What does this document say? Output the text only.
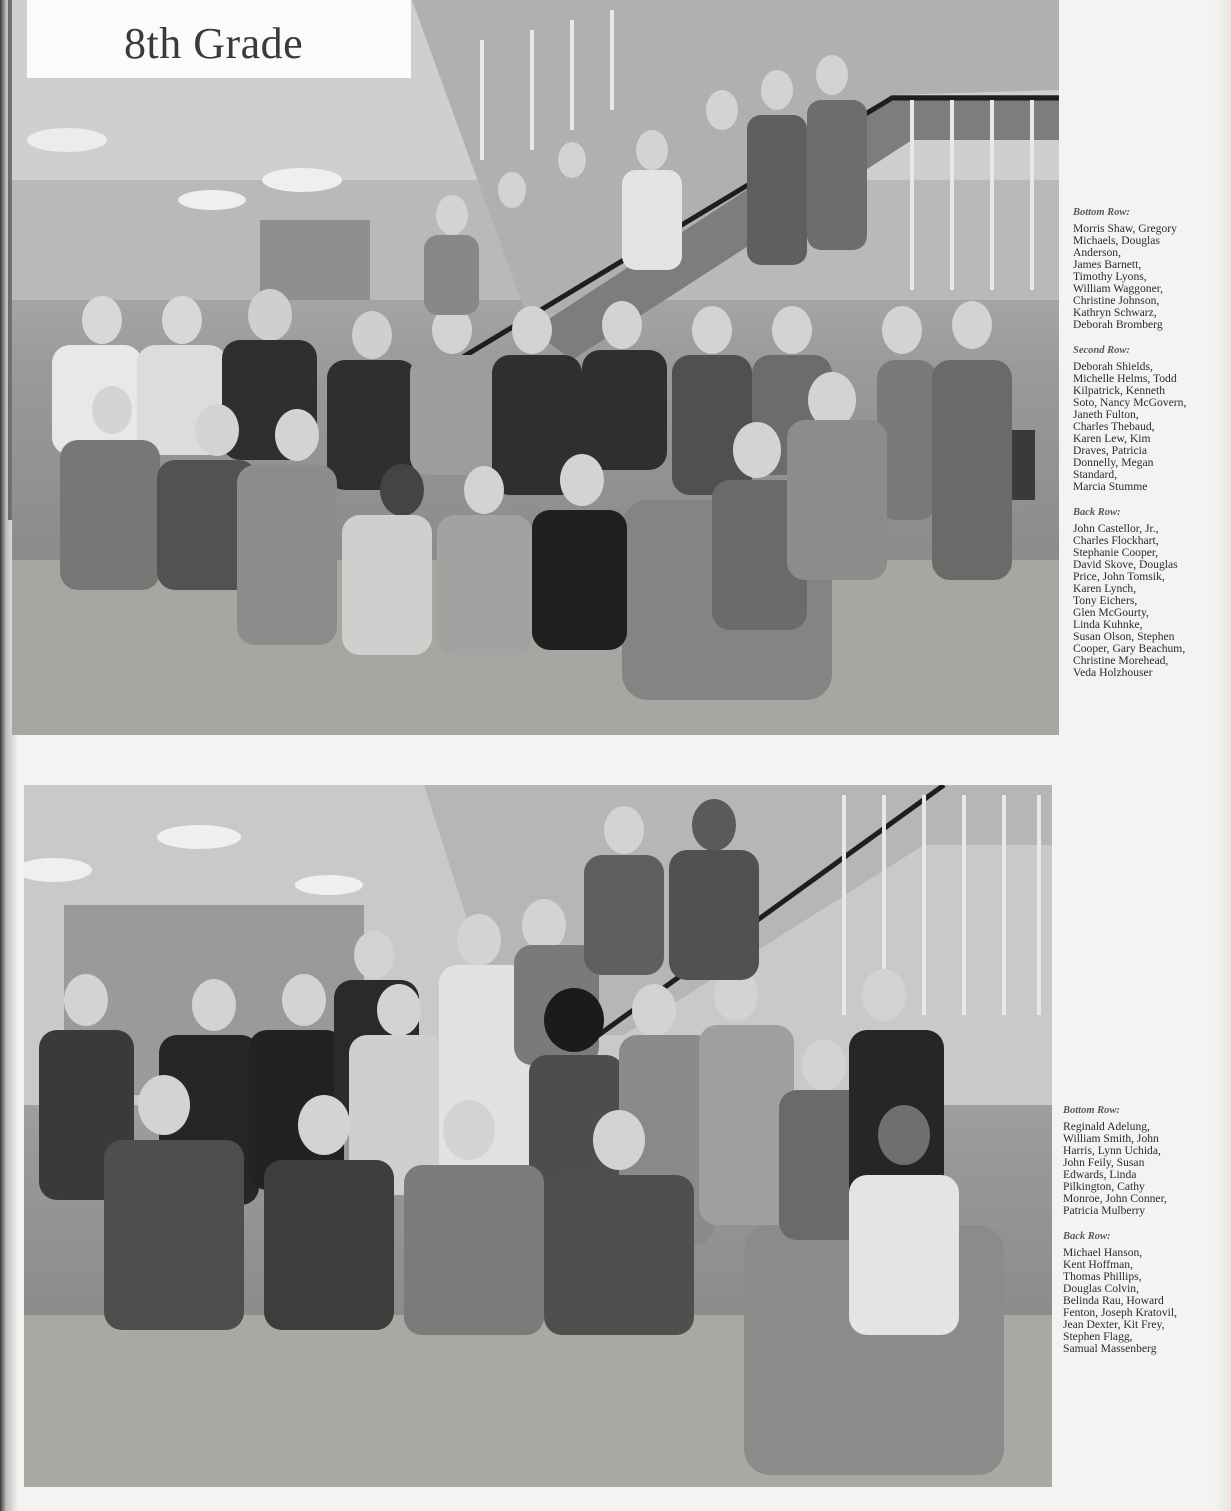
8th Grade
Bottom Row:
Morris Shaw, Gregory
Michaels, Douglas
Anderson,
James Barnett,
Timothy Lyons,
William Waggoner,
Christine Johnson,
Kathryn Schwarz,
Deborah Bromberg
Second Row:
Deborah Shields,
Michelle Helms, Todd
Kilpatrick, Kenneth
Soto, Nancy McGovern,
Janeth Fulton,
Charles Thebaud,
Karen Lew, Kim
Draves, Patricia
Donnelly, Megan
Standard,
Marcia Stumme
Back Row:
John Castellor, Jr.,
Charles Flockhart,
Stephanie Cooper,
David Skove, Douglas
Price, John Tomsik,
Karen Lynch,
Tony Eichers,
Glen McGourty,
Linda Kuhnke,
Susan Olson, Stephen
Cooper, Gary Beachum,
Christine Morehead,
Veda Holzhouser
Bottom Row:
Reginald Adelung,
William Smith, John
Harris, Lynn Uchida,
John Feily, Susan
Edwards, Linda
Pilkington, Cathy
Monroe, John Conner,
Patricia Mulberry
Back Row:
Michael Hanson,
Kent Hoffman,
Thomas Phillips,
Douglas Colvin,
Belinda Rau, Howard
Fenton, Joseph Kratovil,
Jean Dexter, Kit Frey,
Stephen Flagg,
Samual Massenberg
